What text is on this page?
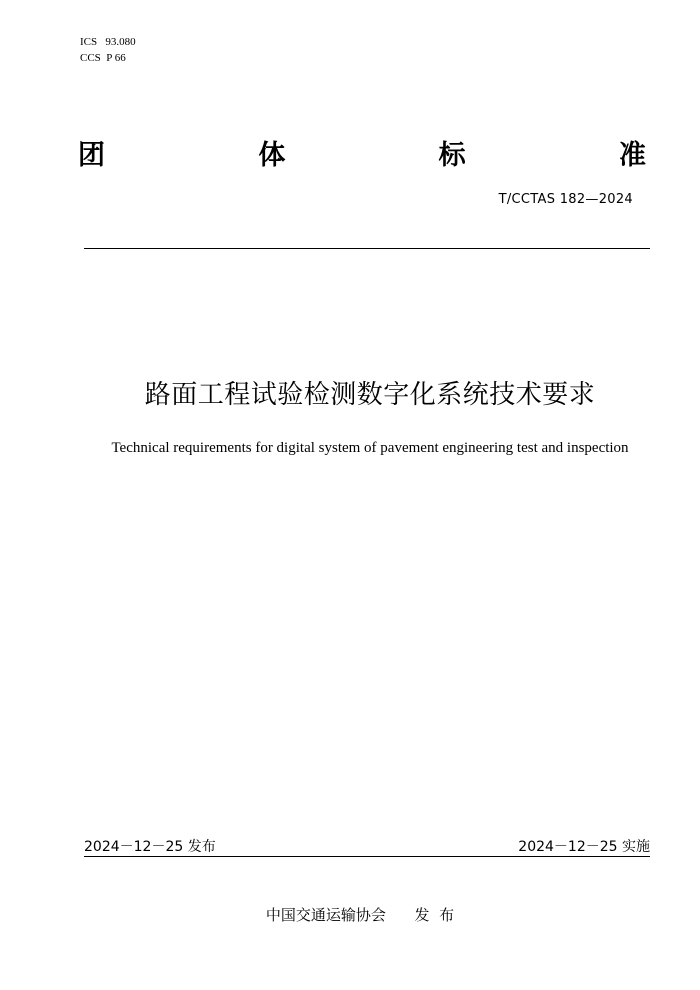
ICS   93.080
CCS  P 66
团	体	标	准
T/CCTAS 182—2024
路面工程试验检测数字化系统技术要求
Technical requirements for digital system of pavement engineering test and inspection
2024－12－25 发布	2024－12－25 实施
中国交通运输协会      发  布
